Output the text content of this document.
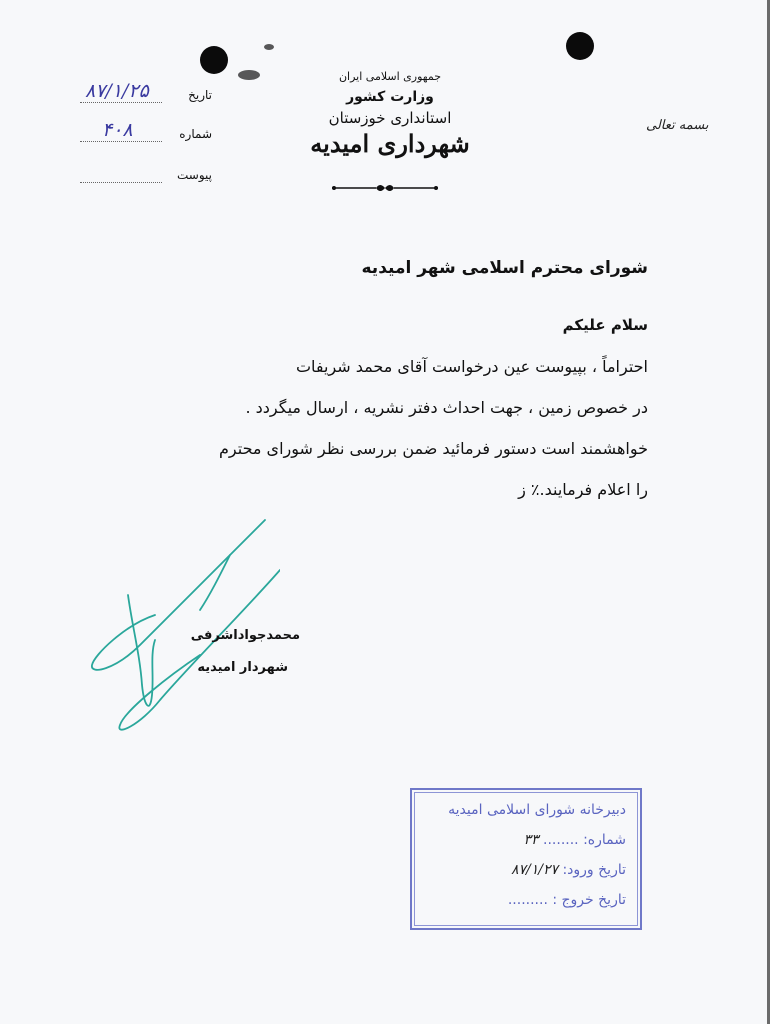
جمهوری اسلامی ایران
وزارت کشور
استانداری خوزستان
شهرداری امیدیه
بسمه تعالی
۸۷/۱/۲۵	تاریخ
۴۰۸	شماره
پیوست
شورای محترم اسلامی شهر امیدیه
سلام علیکم
احتراماً ، بپیوست عین درخواست آقای محمد شریفات
در خصوص زمین ، جهت احداث دفتر نشریه ، ارسال میگردد .
خواهشمند است دستور فرمائید ضمن بررسی نظر شورای محترم
را اعلام فرمایند.٪ ز
محمدجواداشرفی
شهردار امیدیه
دبیرخانه شورای اسلامی امیدیه
شماره: ........ ۳۳
تاریخ ورود: ۸۷/۱/۲۷
تاریخ خروج : .........
